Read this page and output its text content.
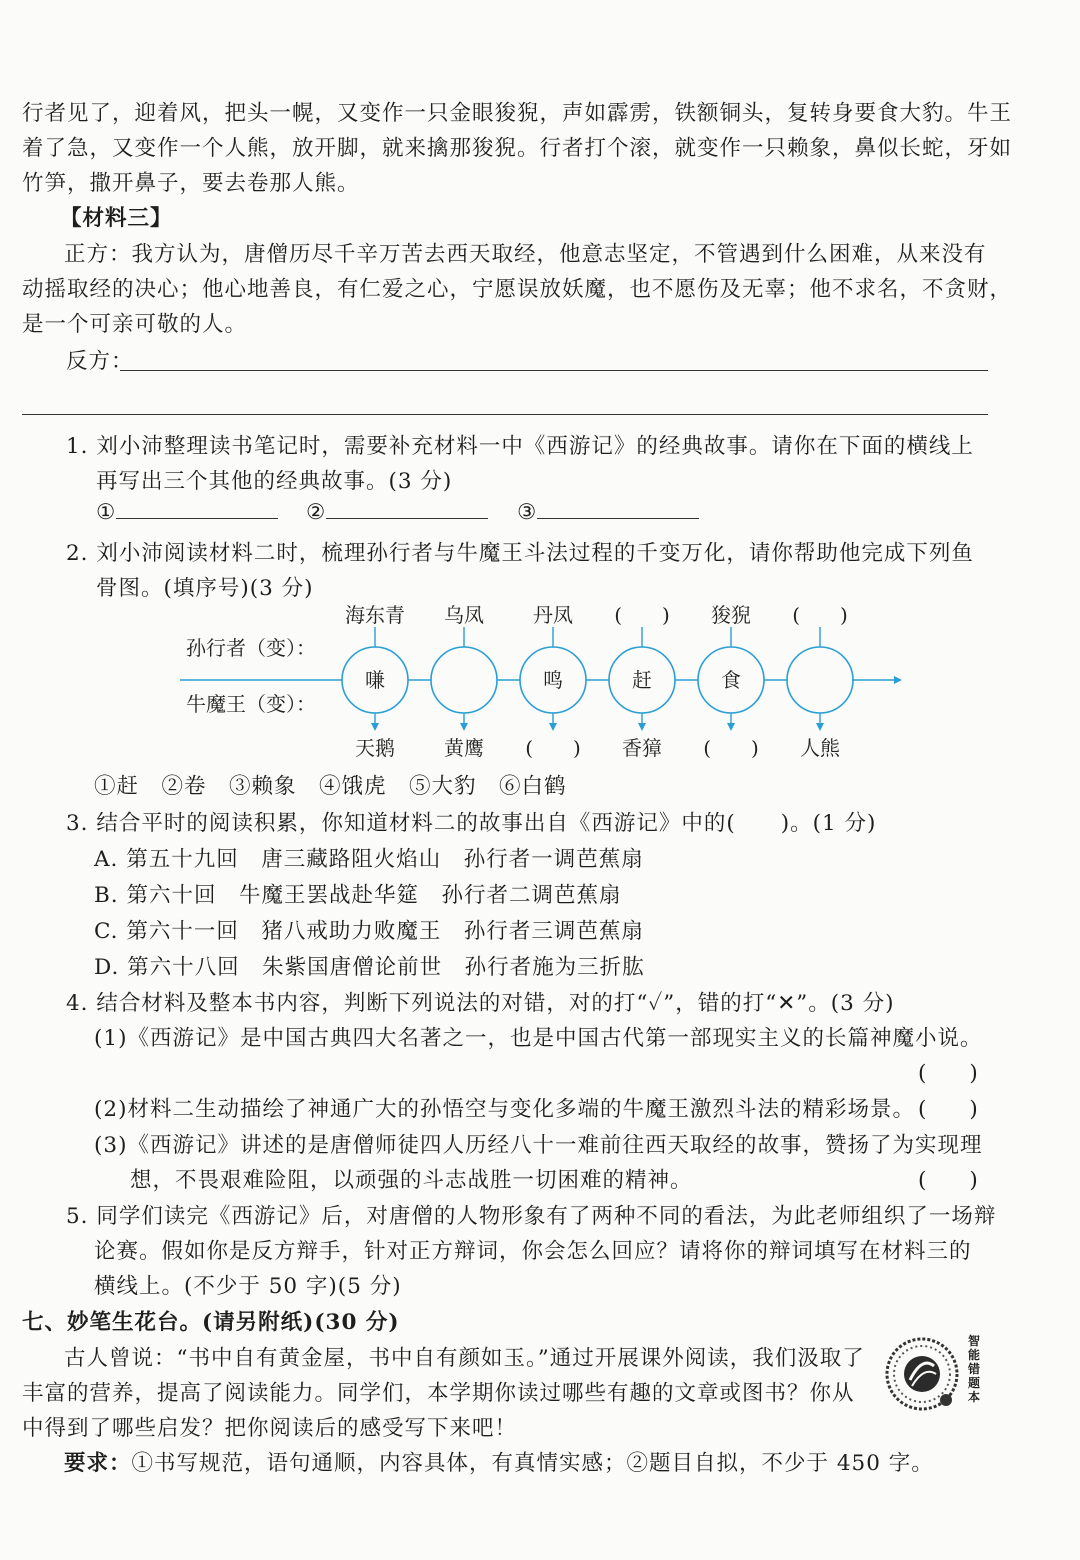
行者见了，迎着风，把头一幌，又变作一只金眼狻猊，声如霹雳，铁额铜头，复转身要食大豹。牛王
着了急，又变作一个人熊，放开脚，就来擒那狻猊。行者打个滚，就变作一只赖象，鼻似长蛇，牙如
竹笋，撒开鼻子，要去卷那人熊。
【材料三】
正方：我方认为，唐僧历尽千辛万苦去西天取经，他意志坚定，不管遇到什么困难，从来没有
动摇取经的决心；他心地善良，有仁爱之心，宁愿误放妖魔，也不愿伤及无辜；他不求名，不贪财，
是一个可亲可敬的人。
反方：
1. 刘小沛整理读书笔记时，需要补充材料一中《西游记》的经典故事。请你在下面的横线上
再写出三个其他的经典故事。(3 分)
①	②	③
2. 刘小沛阅读材料二时，梳理孙行者与牛魔王斗法过程的千变万化，请你帮助他完成下列鱼
骨图。(填序号)(3 分)
孙行者（变）：
牛魔王（变）：
嗛
海东青
天鹅
乌凤
黄鹰
鸣
丹凤
(　　)
赶
(　　)
香獐
食
狻猊
(　　)
(　　)
人熊
①赶　②卷　③赖象　④饿虎　⑤大豹　⑥白鹤
3. 结合平时的阅读积累，你知道材料二的故事出自《西游记》中的(　　)。(1 分)
A. 第五十九回　唐三藏路阻火焰山　孙行者一调芭蕉扇
B. 第六十回　牛魔王罢战赴华筵　孙行者二调芭蕉扇
C. 第六十一回　猪八戒助力败魔王　孙行者三调芭蕉扇
D. 第六十八回　朱紫国唐僧论前世　孙行者施为三折肱
4. 结合材料及整本书内容，判断下列说法的对错，对的打“✓”，错的打“✕”。(3 分)
(1)《西游记》是中国古典四大名著之一，也是中国古代第一部现实主义的长篇神魔小说。
(　　)
(2)材料二生动描绘了神通广大的孙悟空与变化多端的牛魔王激烈斗法的精彩场景。 (　　)
(3)《西游记》讲述的是唐僧师徒四人历经八十一难前往西天取经的故事，赞扬了为实现理
想，不畏艰难险阻，以顽强的斗志战胜一切困难的精神。	(　　)
5. 同学们读完《西游记》后，对唐僧的人物形象有了两种不同的看法，为此老师组织了一场辩
论赛。假如你是反方辩手，针对正方辩词，你会怎么回应？请将你的辩词填写在材料三的
横线上。(不少于 50 字)(5 分)
七、妙笔生花台。(请另附纸)(30 分)
古人曾说：“书中自有黄金屋，书中自有颜如玉。”通过开展课外阅读，我们汲取了
丰富的营养，提高了阅读能力。同学们，本学期你读过哪些有趣的文章或图书？你从
中得到了哪些启发？把你阅读后的感受写下来吧！
要求：①书写规范，语句通顺，内容具体，有真情实感；②题目自拟，不少于 450 字。
智能错题本
